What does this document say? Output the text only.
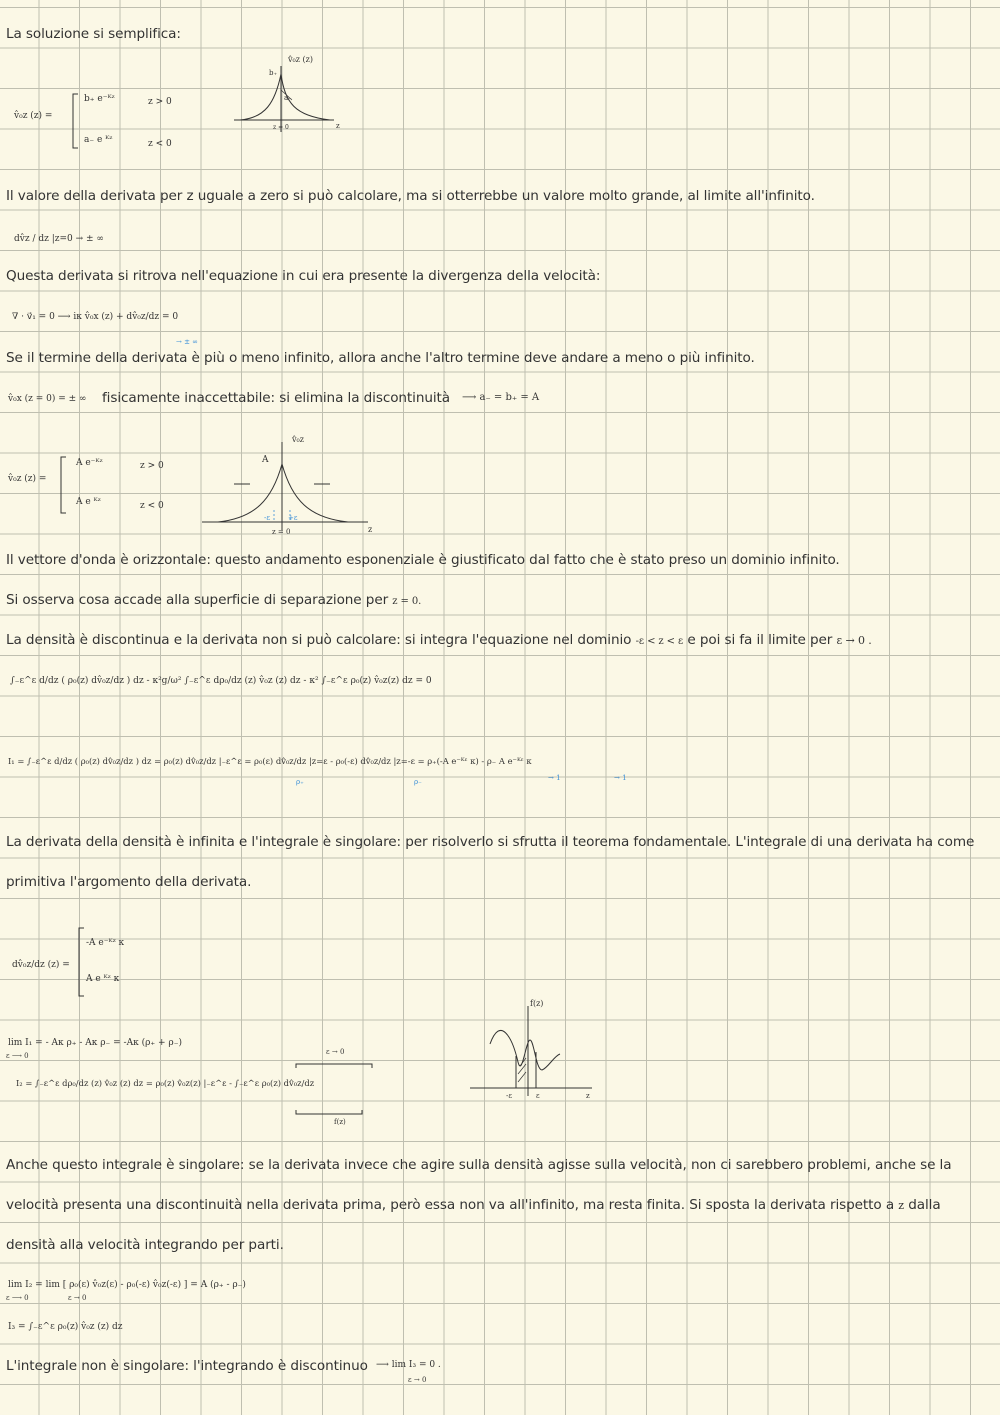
La soluzione si semplifica:
Il valore della derivata per z uguale a zero si può calcolare, ma si otterrebbe un valore molto grande, al limite all'infinito.
Questa derivata si ritrova nell'equazione in cui era presente la divergenza della velocità:
Se il termine della derivata è più o meno infinito, allora anche l'altro termine deve andare a meno o più infinito.
fisicamente inaccettabile: si elimina la discontinuità
Il vettore d'onda è orizzontale: questo andamento esponenziale è giustificato dal fatto che è stato preso un dominio infinito.
Si osserva cosa accade alla superficie di separazione per z = 0.
La densità è discontinua e la derivata non si può calcolare: si integra l'equazione nel dominio -ε < z < ε e poi si fa il limite per ε → 0 .
La derivata della densità è infinita e l'integrale è singolare: per risolverlo si sfrutta il teorema fondamentale. L'integrale di una derivata ha come
primitiva l'argomento della derivata.
Anche questo integrale è singolare: se la derivata invece che agire sulla densità agisse sulla velocità, non ci sarebbero problemi, anche se la
velocità presenta una discontinuità nella derivata prima, però essa non va all'infinito, ma resta finita. Si sposta la derivata rispetto a z dalla
densità alla velocità integrando per parti.
L'integrale non è singolare: l'integrando è discontinuo
v̂₀z (z) =
b₊ e⁻ᴷᶻ	z > 0
a₋ e ᴷᶻ	z < 0
v̂₀z (z)
b₊
a₋
z = 0	z
dv̂z / dz |z=0 → ± ∞
∇ · v⃗₁ = 0 ⟶ iκ v̂₀x (z) + dv̂₀z/dz = 0
→ ± ∞
v̂₀x (z = 0) = ± ∞	⟶ a₋ = b₊ = A
v̂₀z (z) =
A e⁻ᴷᶻ	z > 0
A e ᴷᶻ	z < 0
v̂₀z
A
-ε	+ε
z = 0	z
∫₋ε^ε d/dz ( ρ₀(z) dv̂₀z/dz ) dz - κ²g/ω² ∫₋ε^ε dρ₀/dz (z) v̂₀z (z) dz - κ² ∫₋ε^ε ρ₀(z) v̂₀z(z) dz = 0
I₁ = ∫₋ε^ε d/dz ( ρ₀(z) dv̂₀z/dz ) dz = ρ₀(z) dv̂₀z/dz |₋ε^ε = ρ₀(ε) dv̂₀z/dz |z=ε - ρ₀(-ε) dv̂₀z/dz |z=-ε = ρ₊(-A e⁻ᴷᵋ κ) - ρ₋ A e⁻ᴷᵋ κ
ρ₊	ρ₋	→ 1	→ 1
dv̂₀z/dz (z) =
-A e⁻ᴷᶻ κ
A e ᴷᶻ κ
lim I₁ = - Aκ ρ₊ - Aκ ρ₋ = -Aκ (ρ₊ + ρ₋)
ε ⟶ 0
I₂ = ∫₋ε^ε dρ₀/dz (z) v̂₀z (z) dz = ρ₀(z) v̂₀z(z) |₋ε^ε - ∫₋ε^ε ρ₀(z) dv̂₀z/dz
ε → 0
f(z)
f(z)
-ε	ε	z
lim I₂ = lim [ ρ₀(ε) v̂₀z(ε) - ρ₀(-ε) v̂₀z(-ε) ] = A (ρ₊ - ρ₋)
ε ⟶ 0	ε → 0
I₃ = ∫₋ε^ε ρ₀(z) v̂₀z (z) dz
⟶ lim I₃ = 0 .
ε → 0
